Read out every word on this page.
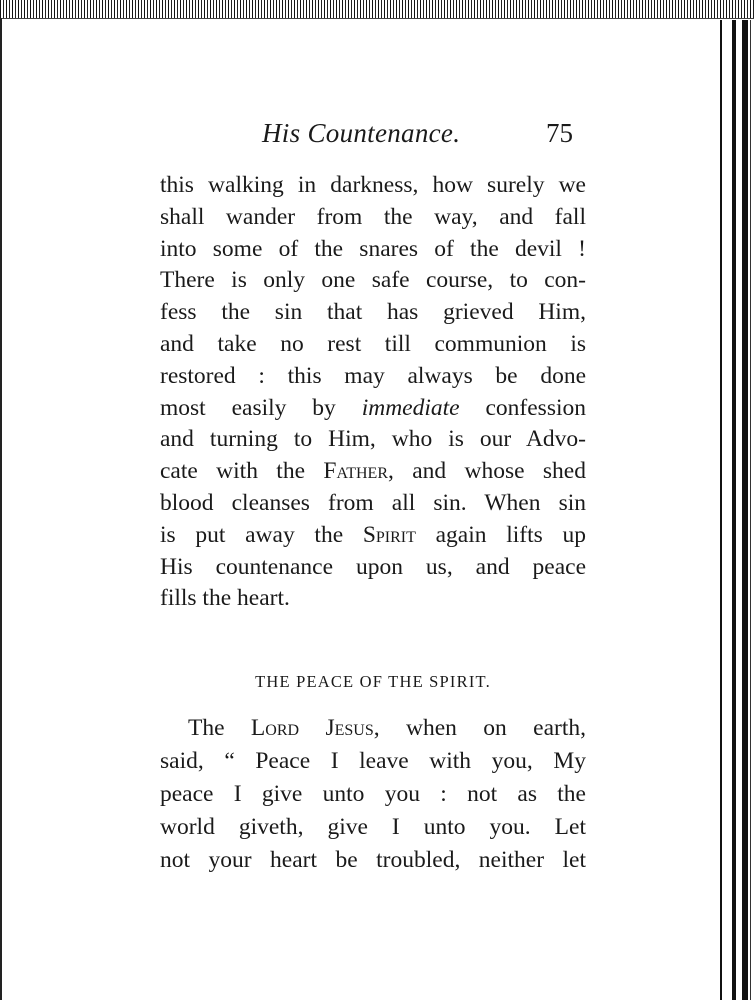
His Countenance.	75
this walking in darkness, how surely we
shall wander from the way, and fall
into some of the snares of the devil !
There is only one safe course, to con-
fess the sin that has grieved Him,
and take no rest till communion is
restored : this may always be done
most easily by immediate confession
and turning to Him, who is our Advo-
cate with the Father, and whose shed
blood cleanses from all sin. When sin
is put away the Spirit again lifts up
His countenance upon us, and peace
fills the heart.
THE PEACE OF THE SPIRIT.
The Lord Jesus, when on earth,
said, “ Peace I leave with you, My
peace I give unto you : not as the
world giveth, give I unto you. Let
not your heart be troubled, neither let
